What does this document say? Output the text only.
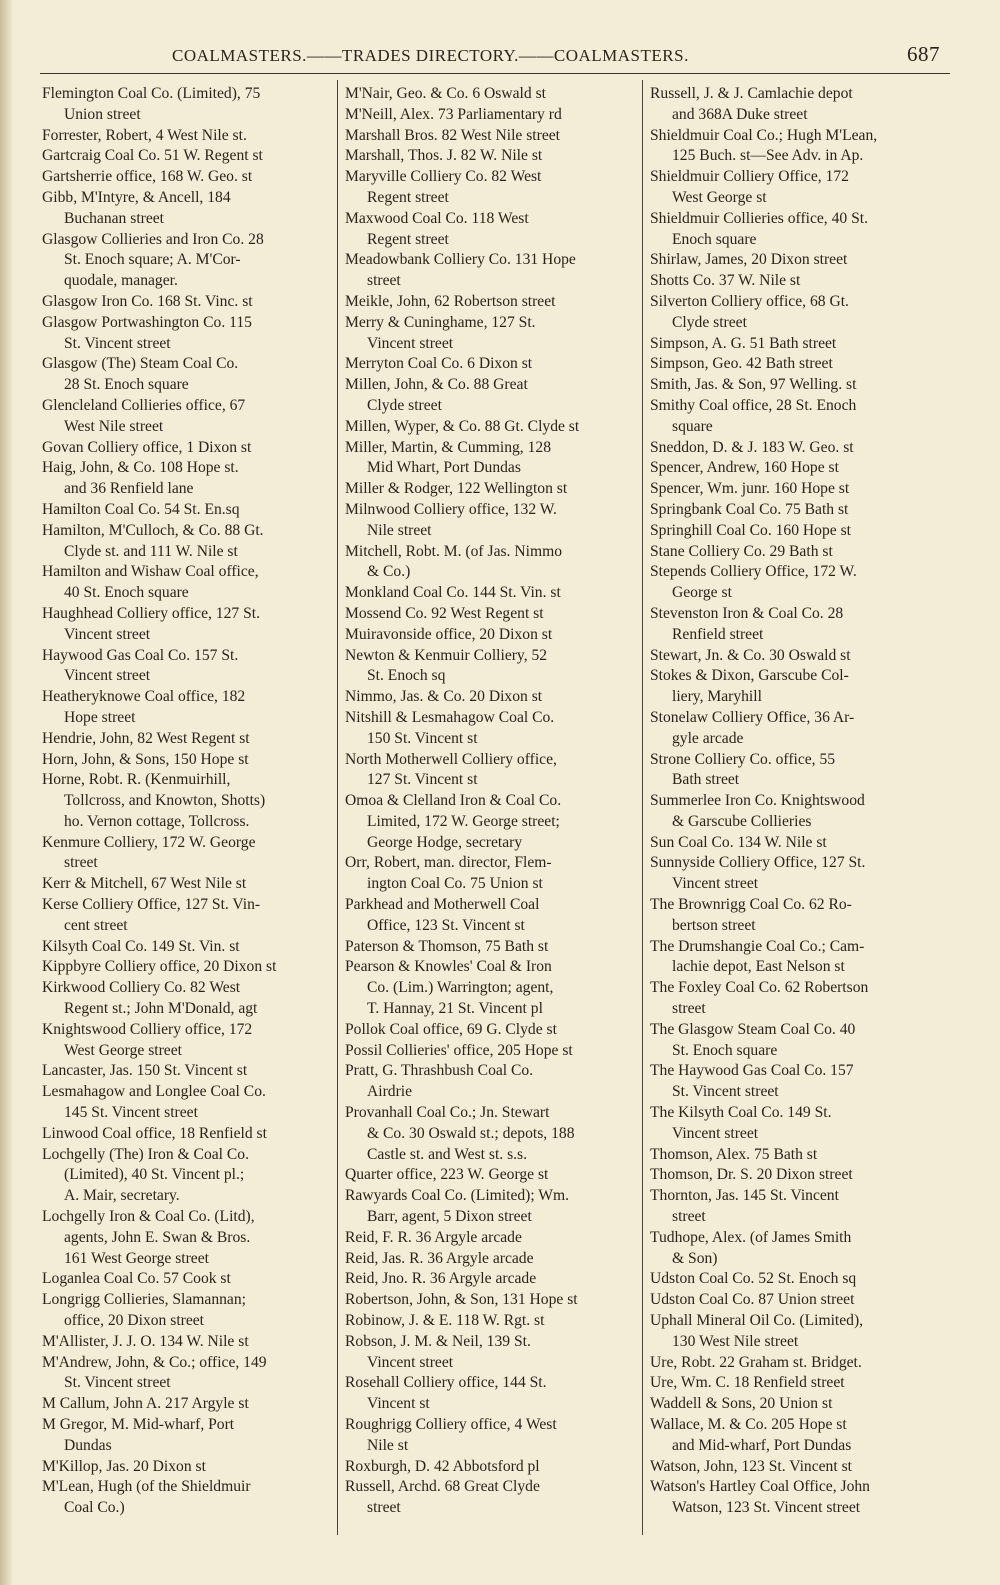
COALMASTERS.——TRADES DIRECTORY.——COALMASTERS.	687
Flemington Coal Co. (Limited), 75
Union street
Forrester, Robert, 4 West Nile st.
Gartcraig Coal Co. 51 W. Regent st
Gartsherrie office, 168 W. Geo. st
Gibb, M'Intyre, & Ancell, 184
Buchanan street
Glasgow Collieries and Iron Co. 28
St. Enoch square; A. M'Cor-
quodale, manager.
Glasgow Iron Co. 168 St. Vinc. st
Glasgow Portwashington Co. 115
St. Vincent street
Glasgow (The) Steam Coal Co.
28 St. Enoch square
Glencleland Collieries office, 67
West Nile street
Govan Colliery office, 1 Dixon st
Haig, John, & Co. 108 Hope st.
and 36 Renfield lane
Hamilton Coal Co. 54 St. En.sq
Hamilton, M'Culloch, & Co. 88 Gt.
Clyde st. and 111 W. Nile st
Hamilton and Wishaw Coal office,
40 St. Enoch square
Haughhead Colliery office, 127 St.
Vincent street
Haywood Gas Coal Co. 157 St.
Vincent street
Heatheryknowe Coal office, 182
Hope street
Hendrie, John, 82 West Regent st
Horn, John, & Sons, 150 Hope st
Horne, Robt. R. (Kenmuirhill,
Tollcross, and Knowton, Shotts)
ho. Vernon cottage, Tollcross.
Kenmure Colliery, 172 W. George
street
Kerr & Mitchell, 67 West Nile st
Kerse Colliery Office, 127 St. Vin-
cent street
Kilsyth Coal Co. 149 St. Vin. st
Kippbyre Colliery office, 20 Dixon st
Kirkwood Colliery Co. 82 West
Regent st.; John M'Donald, agt
Knightswood Colliery office, 172
West George street
Lancaster, Jas. 150 St. Vincent st
Lesmahagow and Longlee Coal Co.
145 St. Vincent street
Linwood Coal office, 18 Renfield st
Lochgelly (The) Iron & Coal Co.
(Limited), 40 St. Vincent pl.;
A. Mair, secretary.
Lochgelly Iron & Coal Co. (Litd),
agents, John E. Swan & Bros.
161 West George street
Loganlea Coal Co. 57 Cook st
Longrigg Collieries, Slamannan;
office, 20 Dixon street
M'Allister, J. J. O. 134 W. Nile st
M'Andrew, John, & Co.; office, 149
St. Vincent street
M Callum, John A. 217 Argyle st
M Gregor, M. Mid-wharf, Port
Dundas
M'Killop, Jas. 20 Dixon st
M'Lean, Hugh (of the Shieldmuir
Coal Co.)
M'Nair, Geo. & Co. 6 Oswald st
M'Neill, Alex. 73 Parliamentary rd
Marshall Bros. 82 West Nile street
Marshall, Thos. J. 82 W. Nile st
Maryville Colliery Co. 82 West
Regent street
Maxwood Coal Co. 118 West
Regent street
Meadowbank Colliery Co. 131 Hope
street
Meikle, John, 62 Robertson street
Merry & Cuninghame, 127 St.
Vincent street
Merryton Coal Co. 6 Dixon st
Millen, John, & Co. 88 Great
Clyde street
Millen, Wyper, & Co. 88 Gt. Clyde st
Miller, Martin, & Cumming, 128
Mid Whart, Port Dundas
Miller & Rodger, 122 Wellington st
Milnwood Colliery office, 132 W.
Nile street
Mitchell, Robt. M. (of Jas. Nimmo
& Co.)
Monkland Coal Co. 144 St. Vin. st
Mossend Co. 92 West Regent st
Muiravonside office, 20 Dixon st
Newton & Kenmuir Colliery, 52
St. Enoch sq
Nimmo, Jas. & Co. 20 Dixon st
Nitshill & Lesmahagow Coal Co.
150 St. Vincent st
North Motherwell Colliery office,
127 St. Vincent st
Omoa & Clelland Iron & Coal Co.
Limited, 172 W. George street;
George Hodge, secretary
Orr, Robert, man. director, Flem-
ington Coal Co. 75 Union st
Parkhead and Motherwell Coal
Office, 123 St. Vincent st
Paterson & Thomson, 75 Bath st
Pearson & Knowles' Coal & Iron
Co. (Lim.) Warrington; agent,
T. Hannay, 21 St. Vincent pl
Pollok Coal office, 69 G. Clyde st
Possil Collieries' office, 205 Hope st
Pratt, G. Thrashbush Coal Co.
Airdrie
Provanhall Coal Co.; Jn. Stewart
& Co. 30 Oswald st.; depots, 188
Castle st. and West st. s.s.
Quarter office, 223 W. George st
Rawyards Coal Co. (Limited); Wm.
Barr, agent, 5 Dixon street
Reid, F. R. 36 Argyle arcade
Reid, Jas. R. 36 Argyle arcade
Reid, Jno. R. 36 Argyle arcade
Robertson, John, & Son, 131 Hope st
Robinow, J. & E. 118 W. Rgt. st
Robson, J. M. & Neil, 139 St.
Vincent street
Rosehall Colliery office, 144 St.
Vincent st
Roughrigg Colliery office, 4 West
Nile st
Roxburgh, D. 42 Abbotsford pl
Russell, Archd. 68 Great Clyde
street
Russell, J. & J. Camlachie depot
and 368A Duke street
Shieldmuir Coal Co.; Hugh M'Lean,
125 Buch. st—See Adv. in Ap.
Shieldmuir Colliery Office, 172
West George st
Shieldmuir Collieries office, 40 St.
Enoch square
Shirlaw, James, 20 Dixon street
Shotts Co. 37 W. Nile st
Silverton Colliery office, 68 Gt.
Clyde street
Simpson, A. G. 51 Bath street
Simpson, Geo. 42 Bath street
Smith, Jas. & Son, 97 Welling. st
Smithy Coal office, 28 St. Enoch
square
Sneddon, D. & J. 183 W. Geo. st
Spencer, Andrew, 160 Hope st
Spencer, Wm. junr. 160 Hope st
Springbank Coal Co. 75 Bath st
Springhill Coal Co. 160 Hope st
Stane Colliery Co. 29 Bath st
Stepends Colliery Office, 172 W.
George st
Stevenston Iron & Coal Co. 28
Renfield street
Stewart, Jn. & Co. 30 Oswald st
Stokes & Dixon, Garscube Col-
liery, Maryhill
Stonelaw Colliery Office, 36 Ar-
gyle arcade
Strone Colliery Co. office, 55
Bath street
Summerlee Iron Co. Knightswood
& Garscube Collieries
Sun Coal Co. 134 W. Nile st
Sunnyside Colliery Office, 127 St.
Vincent street
The Brownrigg Coal Co. 62 Ro-
bertson street
The Drumshangie Coal Co.; Cam-
lachie depot, East Nelson st
The Foxley Coal Co. 62 Robertson
street
The Glasgow Steam Coal Co. 40
St. Enoch square
The Haywood Gas Coal Co. 157
St. Vincent street
The Kilsyth Coal Co. 149 St.
Vincent street
Thomson, Alex. 75 Bath st
Thomson, Dr. S. 20 Dixon street
Thornton, Jas. 145 St. Vincent
street
Tudhope, Alex. (of James Smith
& Son)
Udston Coal Co. 52 St. Enoch sq
Udston Coal Co. 87 Union street
Uphall Mineral Oil Co. (Limited),
130 West Nile street
Ure, Robt. 22 Graham st. Bridget.
Ure, Wm. C. 18 Renfield street
Waddell & Sons, 20 Union st
Wallace, M. & Co. 205 Hope st
and Mid-wharf, Port Dundas
Watson, John, 123 St. Vincent st
Watson's Hartley Coal Office, John
Watson, 123 St. Vincent street
